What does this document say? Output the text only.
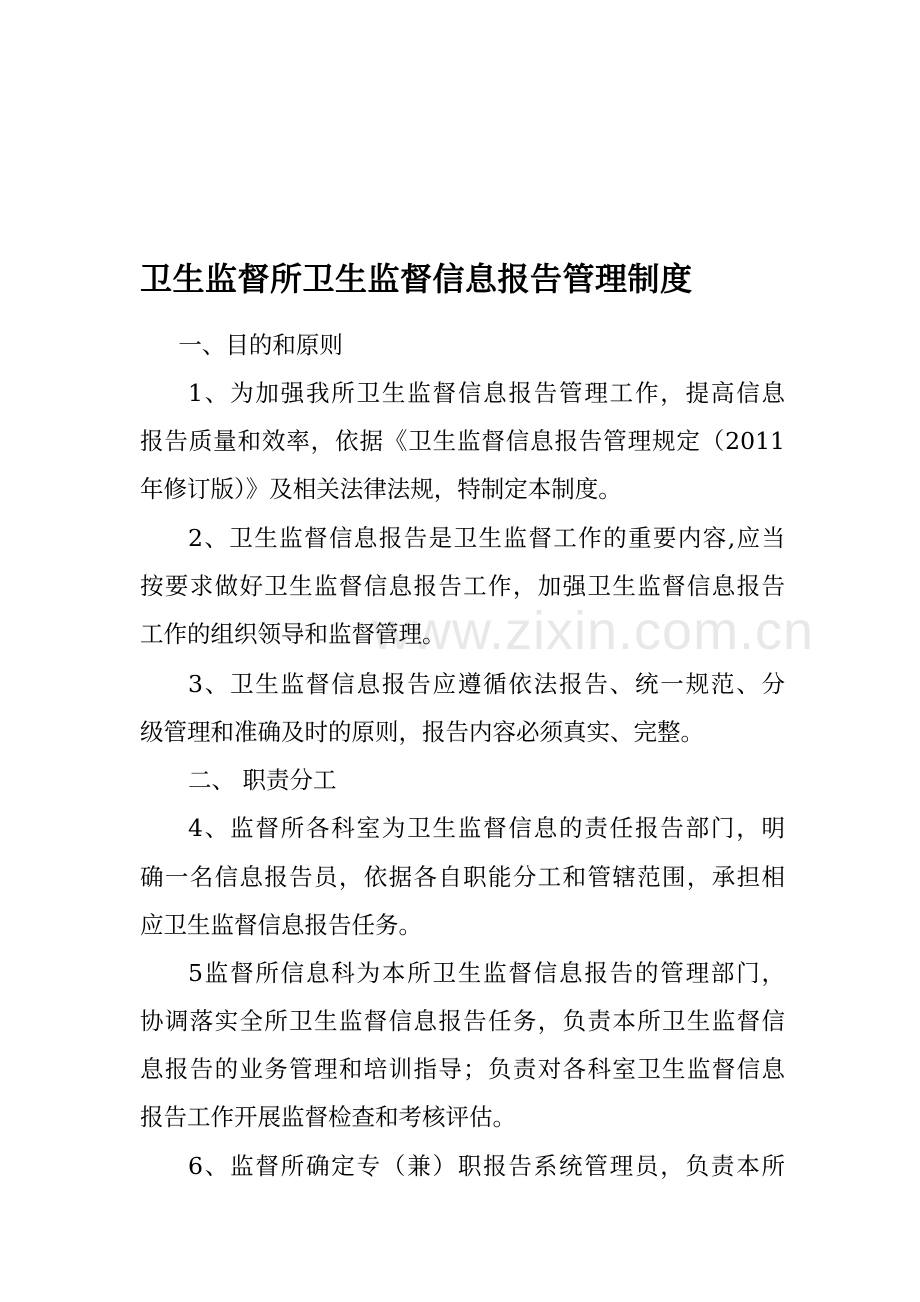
卫生监督所卫生监督信息报告管理制度
一、目的和原则
1、为加强我所卫生监督信息报告管理工作，提高信息
报告质量和效率，依据《卫生监督信息报告管理规定（2011
年修订版）》及相关法律法规，特制定本制度。
2、卫生监督信息报告是卫生监督工作的重要内容,应当
按要求做好卫生监督信息报告工作，加强卫生监督信息报告
工作的组织领导和监督管理。
3、卫生监督信息报告应遵循依法报告、统一规范、分
级管理和准确及时的原则，报告内容必须真实、完整。
二、 职责分工
4、监督所各科室为卫生监督信息的责任报告部门，明
确一名信息报告员，依据各自职能分工和管辖范围，承担相
应卫生监督信息报告任务。
5监督所信息科为本所卫生监督信息报告的管理部门，
协调落实全所卫生监督信息报告任务，负责本所卫生监督信
息报告的业务管理和培训指导；负责对各科室卫生监督信息
报告工作开展监督检查和考核评估。
6、监督所确定专（兼）职报告系统管理员，负责本所
www.zixin.com.cn
